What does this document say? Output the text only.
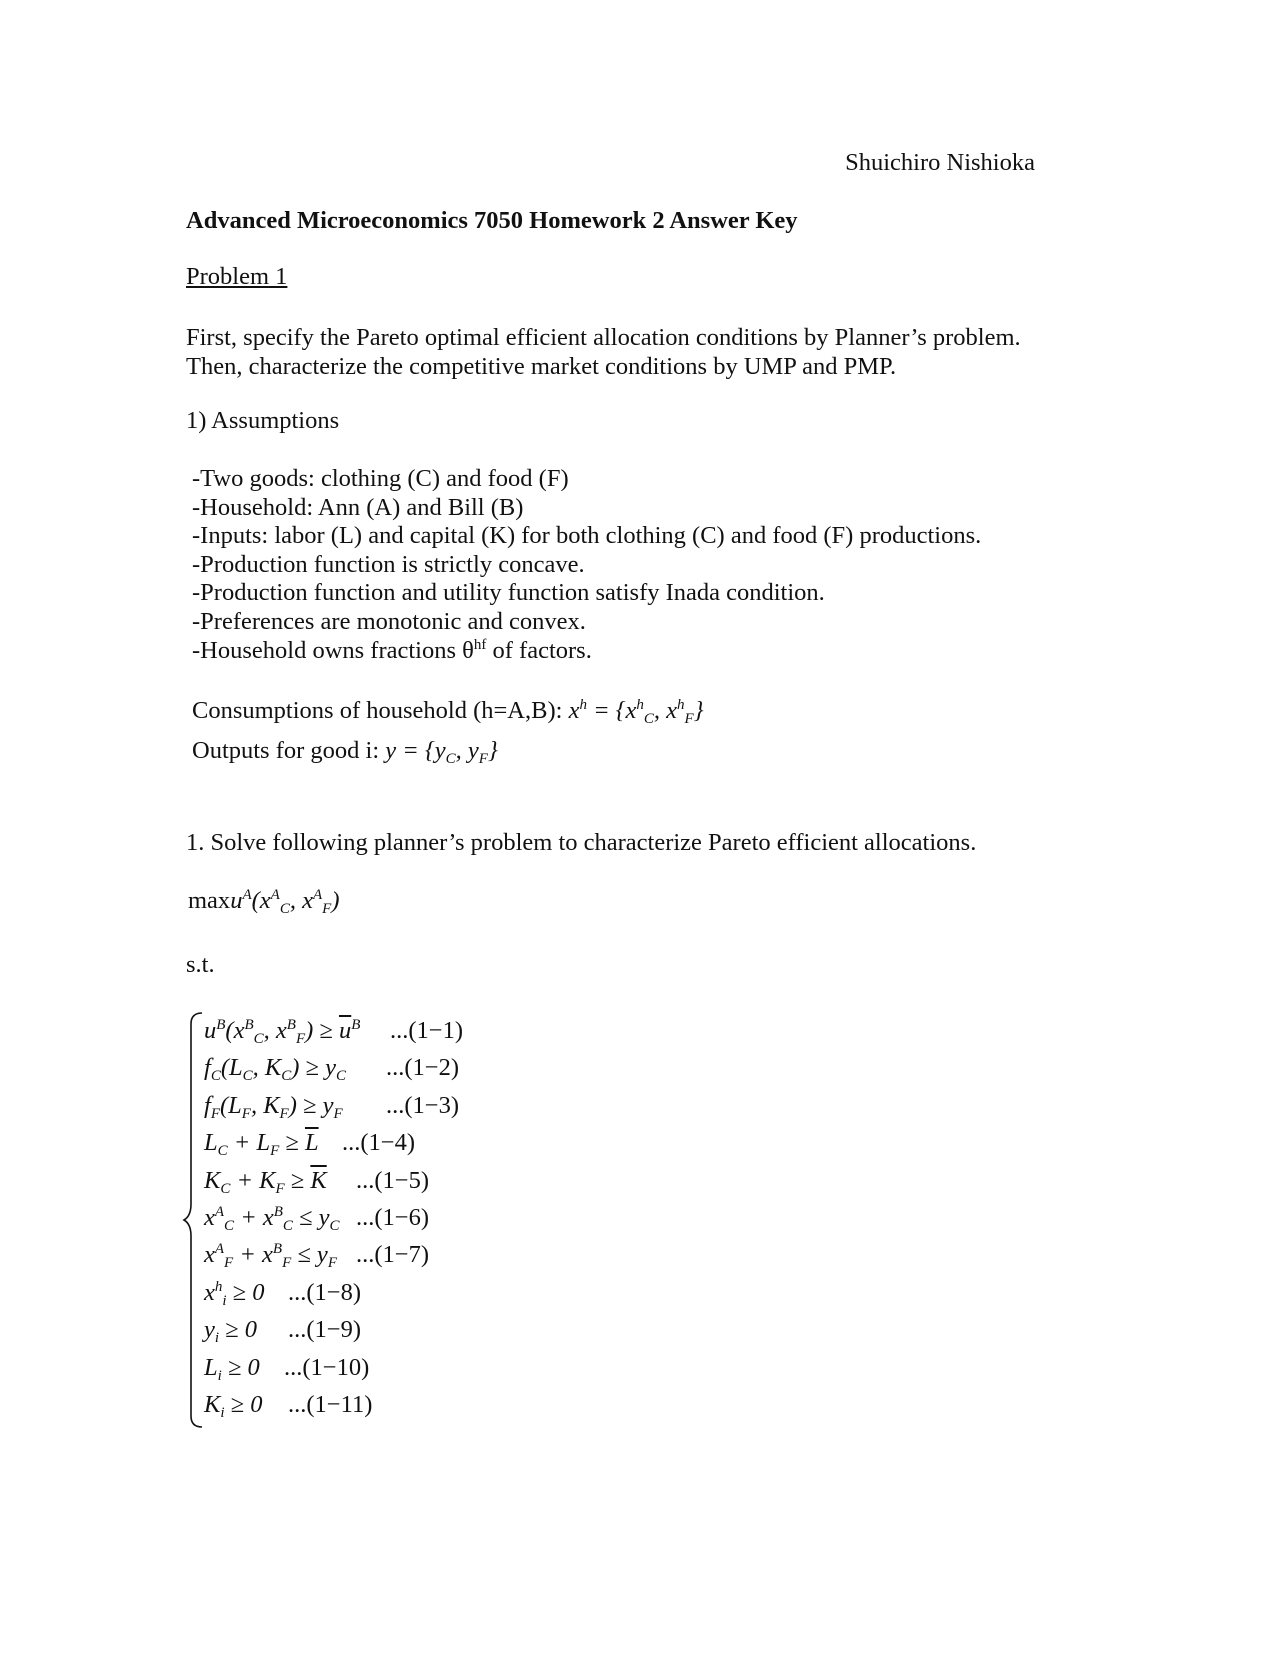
Shuichiro Nishioka
Advanced Microeconomics 7050 Homework 2 Answer Key
Problem 1
First, specify the Pareto optimal efficient allocation conditions by Planner’s problem.
Then, characterize the competitive market conditions by UMP and PMP.
1) Assumptions
-Two goods: clothing (C) and food (F)
-Household: Ann (A) and Bill (B)
-Inputs: labor (L) and capital (K) for both clothing (C) and food (F) productions.
-Production function is strictly concave.
-Production function and utility function satisfy Inada condition.
-Preferences are monotonic and convex.
-Household owns fractions $\theta^{hf}$ of factors.
Consumptions of household (h=A,B): $x^h = \{x^h_C$, $x^h_F$}
Outputs for good i: $y = \{y_C$, $y_F$}
1. Solve following planner’s problem to characterize Pareto efficient allocations.
$\max u^A(x^A_C$, $x^A_F$)
s.t.
$u^B(x^B_C$, $x^B_F) \ge \overline{u}^B$ ...(1−1)
$f_C(L_C$, $K_C) \ge y_C$ ...(1−2)
$f_F(L_F$, $K_F) \ge y_F$ ...(1−3)
$L_C + L_F \ge \overline{L}$ ...(1−4)
$K_C + K_F \ge \overline{K}$ ...(1−5)
$x^A_C + x^B_C \le y_C$ ...(1−6)
$x^A_F + x^B_F \le y_F$ ...(1−7)
$x^h_i \ge 0$ ...(1−8)
$y_i \ge 0$ ...(1−9)
$L_i \ge 0$ ...(1−10)
$K_i \ge 0$ ...(1−11)
